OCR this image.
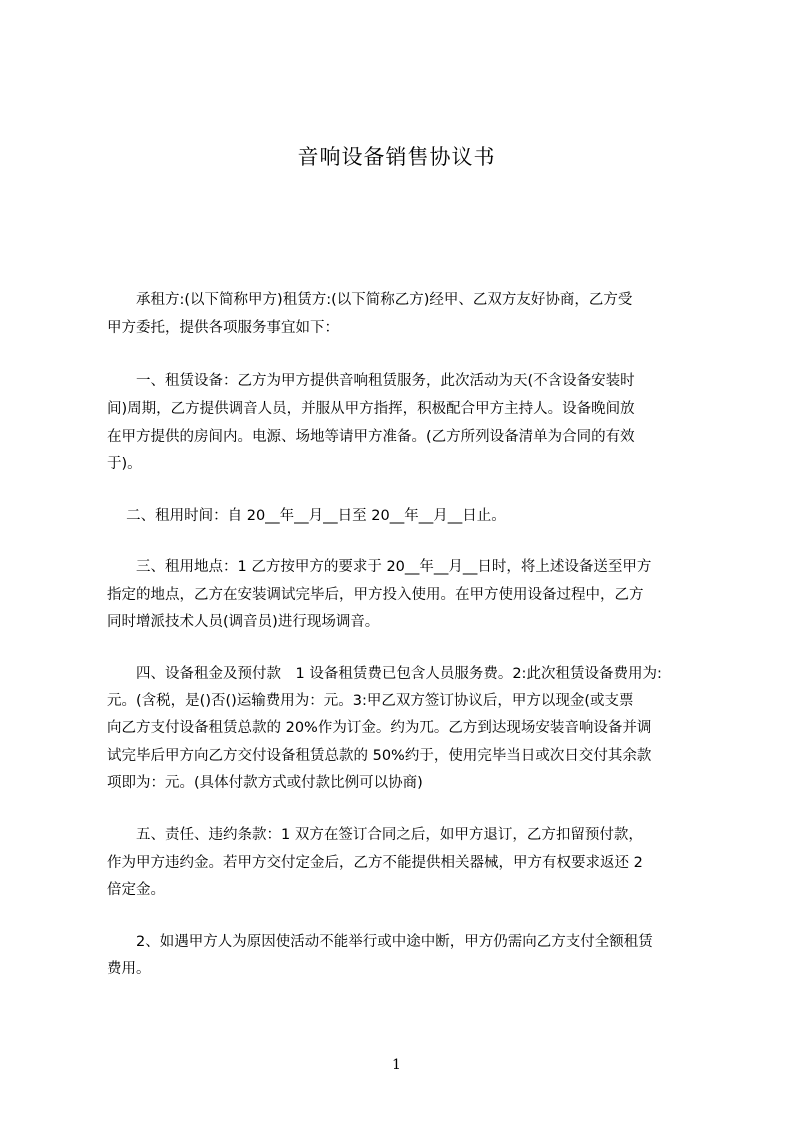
音响设备销售协议书
　　承租方:(以下简称甲方)租赁方:(以下简称乙方)经甲、乙双方友好协商，乙方受
甲方委托，提供各项服务事宜如下：
　　一、租赁设备：乙方为甲方提供音响租赁服务，此次活动为天(不含设备安装时
间)周期，乙方提供调音人员，并服从甲方指挥，积极配合甲方主持人。设备晚间放
在甲方提供的房间内。电源、场地等请甲方准备。(乙方所列设备清单为合同的有效
于)。
　 二、租用时间：自 20__年__月__日至 20__年__月__日止。
　　三、租用地点：1 乙方按甲方的要求于 20__年__月__日时，将上述设备送至甲方
指定的地点，乙方在安装调试完毕后，甲方投入使用。在甲方使用设备过程中，乙方
同时增派技术人员(调音员)进行现场调音。
　　四、设备租金及预付款　1 设备租赁费已包含人员服务费。2:此次租赁设备费用为:
元。(含税，是()否()运输费用为：元。3:甲乙双方签订协议后，甲方以现金(或支票
向乙方支付设备租赁总款的 20%作为订金。约为兀。乙方到达现场安装音响设备并调
试完毕后甲方向乙方交付设备租赁总款的 50%约于，使用完毕当日或次日交付其余款
项即为：元。(具体付款方式或付款比例可以协商)
　　五、责任、违约条款：1 双方在签订合同之后，如甲方退订，乙方扣留预付款，
作为甲方违约金。若甲方交付定金后，乙方不能提供相关器械，甲方有权要求返还 2
倍定金。
　　2、如遇甲方人为原因使活动不能举行或中途中断，甲方仍需向乙方支付全额租赁
费用。
1
